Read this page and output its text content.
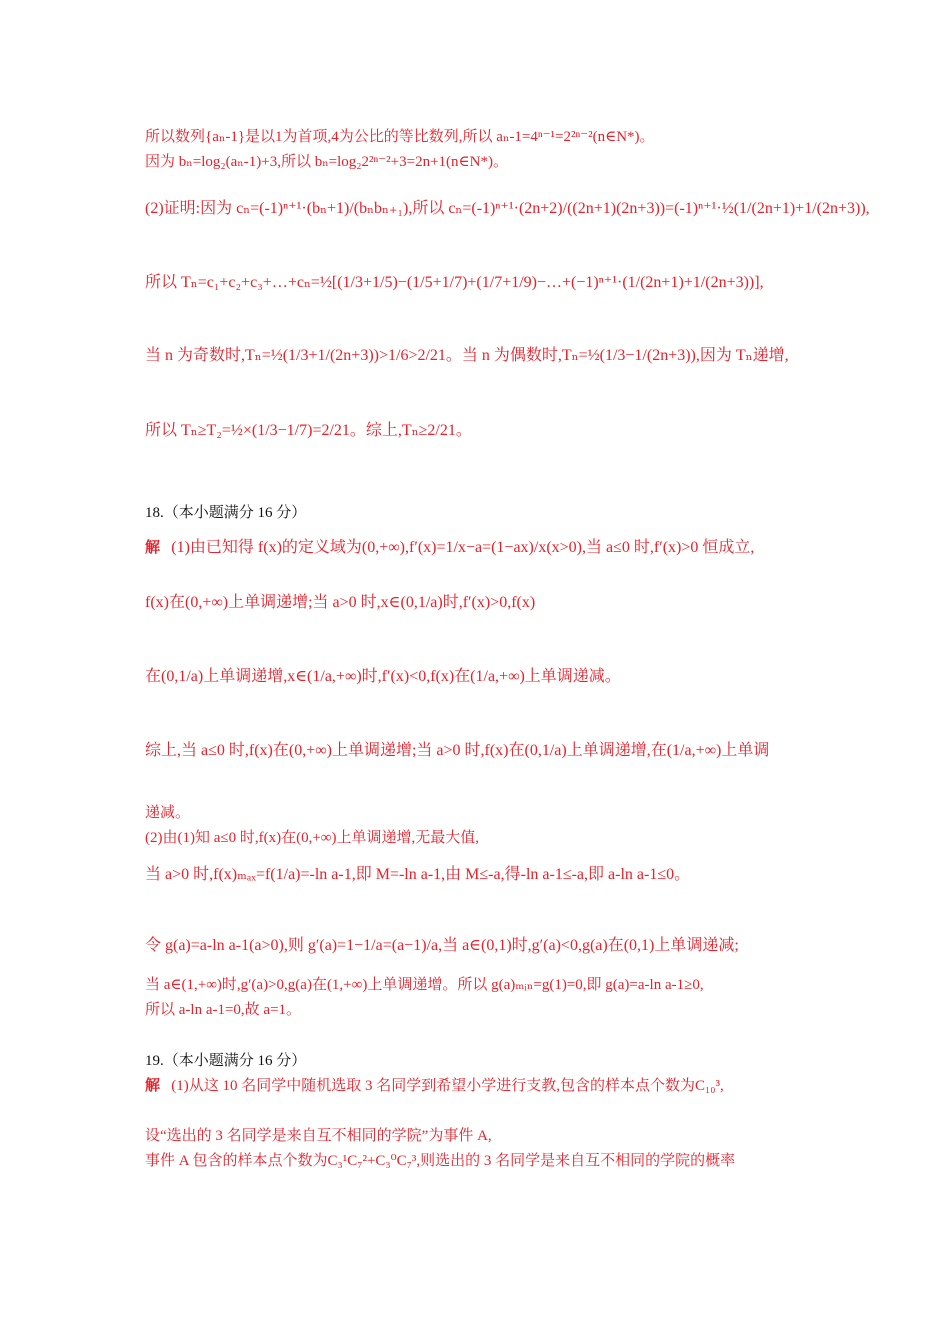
所以数列{aₙ-1}是以1为首项,4为公比的等比数列,所以 aₙ-1=4ⁿ⁻¹=2²ⁿ⁻²(n∈N*)。
因为 bₙ=log₂(aₙ-1)+3,所以 bₙ=log₂2²ⁿ⁻²+3=2n+1(n∈N*)。
(2)证明:因为 cₙ=(-1)ⁿ⁺¹·(bₙ+1)/(bₙbₙ₊₁),所以 cₙ=(-1)ⁿ⁺¹·(2n+2)/((2n+1)(2n+3))=(-1)ⁿ⁺¹·½(1/(2n+1)+1/(2n+3)),
所以 Tₙ=c₁+c₂+c₃+…+cₙ=½[(1/3+1/5)−(1/5+1/7)+(1/7+1/9)−…+(−1)ⁿ⁺¹·(1/(2n+1)+1/(2n+3))],
当 n 为奇数时,Tₙ=½(1/3+1/(2n+3))>1/6>2/21。当 n 为偶数时,Tₙ=½(1/3−1/(2n+3)),因为 Tₙ递增,
所以 Tₙ≥T₂=½×(1/3−1/7)=2/21。综上,Tₙ≥2/21。
18.（本小题满分 16 分）
解 (1)由已知得 f(x)的定义域为(0,+∞),f′(x)=1/x−a=(1−ax)/x(x>0),当 a≤0 时,f′(x)>0 恒成立,
f(x)在(0,+∞)上单调递增;当 a>0 时,x∈(0,1/a)时,f′(x)>0,f(x)
在(0,1/a)上单调递增,x∈(1/a,+∞)时,f′(x)<0,f(x)在(1/a,+∞)上单调递减。
综上,当 a≤0 时,f(x)在(0,+∞)上单调递增;当 a>0 时,f(x)在(0,1/a)上单调递增,在(1/a,+∞)上单调
递减。
(2)由(1)知 a≤0 时,f(x)在(0,+∞)上单调递增,无最大值,
当 a>0 时,f(x)ₘₐₓ=f(1/a)=-ln a-1,即 M=-ln a-1,由 M≤-a,得-ln a-1≤-a,即 a-ln a-1≤0。
令 g(a)=a-ln a-1(a>0),则 g′(a)=1−1/a=(a−1)/a,当 a∈(0,1)时,g′(a)<0,g(a)在(0,1)上单调递减;
当 a∈(1,+∞)时,g′(a)>0,g(a)在(1,+∞)上单调递增。所以 g(a)ₘᵢₙ=g(1)=0,即 g(a)=a-ln a-1≥0,
所以 a-ln a-1=0,故 a=1。
19.（本小题满分 16 分）
解 (1)从这 10 名同学中随机选取 3 名同学到希望小学进行支教,包含的样本点个数为C₁₀³,
设“选出的 3 名同学是来自互不相同的学院”为事件 A,
事件 A 包含的样本点个数为C₃¹C₇²+C₃⁰C₇³,则选出的 3 名同学是来自互不相同的学院的概率
